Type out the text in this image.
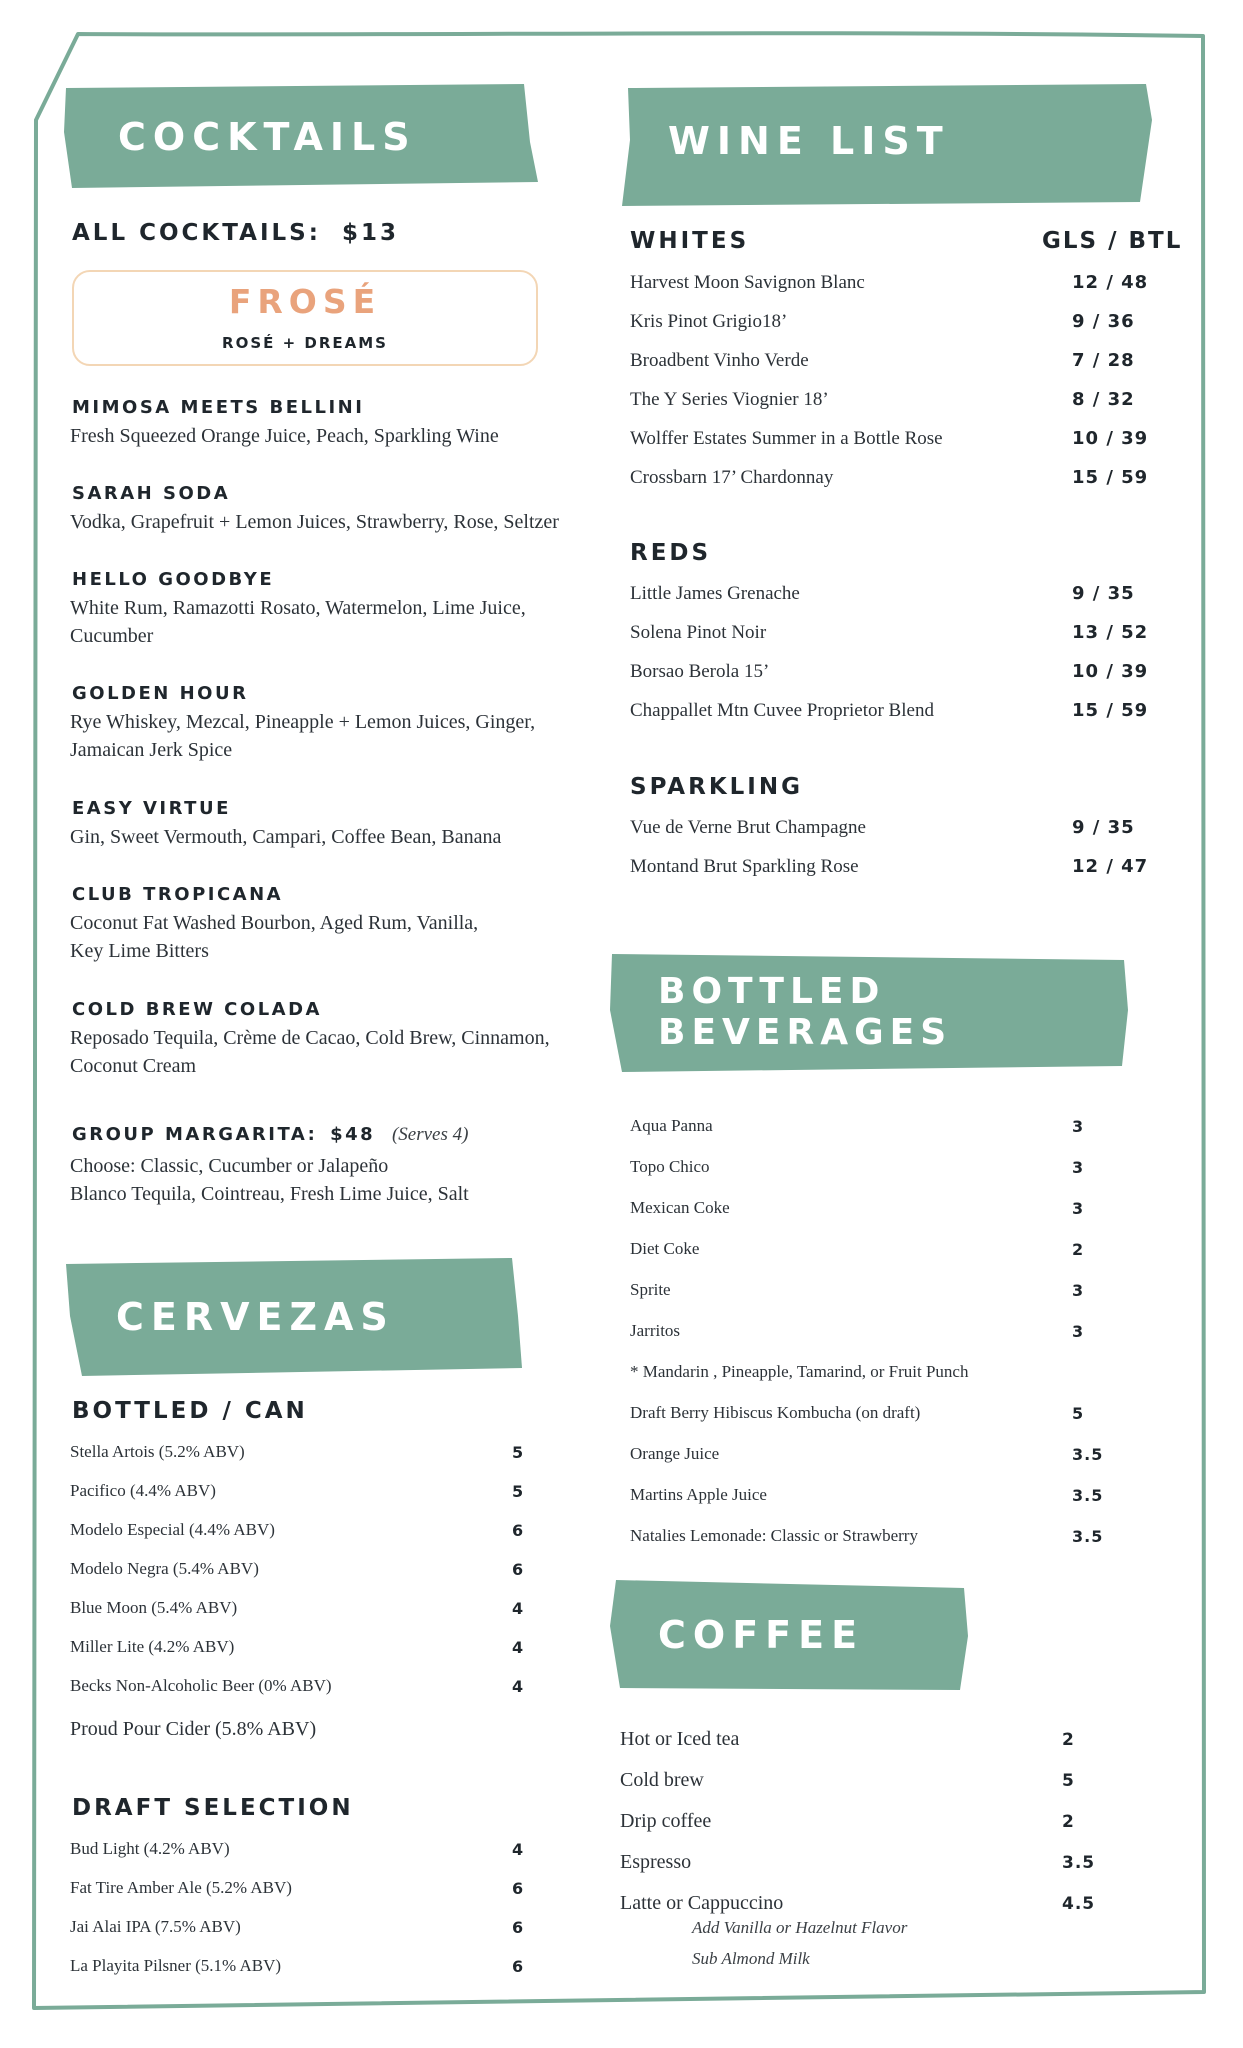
COCKTAILS
ALL COCKTAILS: $13
FROSÉ
ROSÉ + DREAMS
MIMOSA MEETS BELLINI
Fresh Squeezed Orange Juice, Peach, Sparkling Wine
SARAH SODA
Vodka, Grapefruit + Lemon Juices, Strawberry, Rose, Seltzer
HELLO GOODBYE
White Rum, Ramazotti Rosato, Watermelon, Lime Juice,
Cucumber
GOLDEN HOUR
Rye Whiskey, Mezcal, Pineapple + Lemon Juices, Ginger,
Jamaican Jerk Spice
EASY VIRTUE
Gin, Sweet Vermouth, Campari, Coffee Bean, Banana
CLUB TROPICANA
Coconut Fat Washed Bourbon, Aged Rum, Vanilla,
Key Lime Bitters
COLD BREW COLADA
Reposado Tequila, Crème de Cacao, Cold Brew, Cinnamon,
Coconut Cream
GROUP MARGARITA: $48 (Serves 4)
Choose: Classic, Cucumber or Jalapeño
Blanco Tequila, Cointreau, Fresh Lime Juice, Salt
CERVEZAS
BOTTLED / CAN
Stella Artois (5.2% ABV)	5
Pacifico (4.4% ABV)	5
Modelo Especial (4.4% ABV)	6
Modelo Negra (5.4% ABV)	6
Blue Moon (5.4% ABV)	4
Miller Lite (4.2% ABV)	4
Becks Non-Alcoholic Beer (0% ABV)	4
Proud Pour Cider (5.8% ABV)
DRAFT SELECTION
Bud Light (4.2% ABV)	4
Fat Tire Amber Ale (5.2% ABV)	6
Jai Alai IPA (7.5% ABV)	6
La Playita Pilsner (5.1% ABV)	6
WINE LIST
WHITES	GLS / BTL
Harvest Moon Savignon Blanc	12 / 48
Kris Pinot Grigio18’	9 / 36
Broadbent Vinho Verde	7 / 28
The Y Series Viognier 18’	8 / 32
Wolffer Estates Summer in a Bottle Rose	10 / 39
Crossbarn 17’ Chardonnay	15 / 59
REDS
Little James Grenache	9 / 35
Solena Pinot Noir	13 / 52
Borsao Berola 15’	10 / 39
Chappallet Mtn Cuvee Proprietor Blend	15 / 59
SPARKLING
Vue de Verne Brut Champagne	9 / 35
Montand Brut Sparkling Rose	12 / 47
BOTTLED BEVERAGES
Aqua Panna	3
Topo Chico	3
Mexican Coke	3
Diet Coke	2
Sprite	3
Jarritos	3
* Mandarin , Pineapple, Tamarind, or Fruit Punch
Draft Berry Hibiscus Kombucha (on draft)	5
Orange Juice	3.5
Martins Apple Juice	3.5
Natalies Lemonade: Classic or Strawberry	3.5
COFFEE
Hot or Iced tea	2
Cold brew	5
Drip coffee	2
Espresso	3.5
Latte or Cappuccino	4.5
Add Vanilla or Hazelnut Flavor
Sub Almond Milk
